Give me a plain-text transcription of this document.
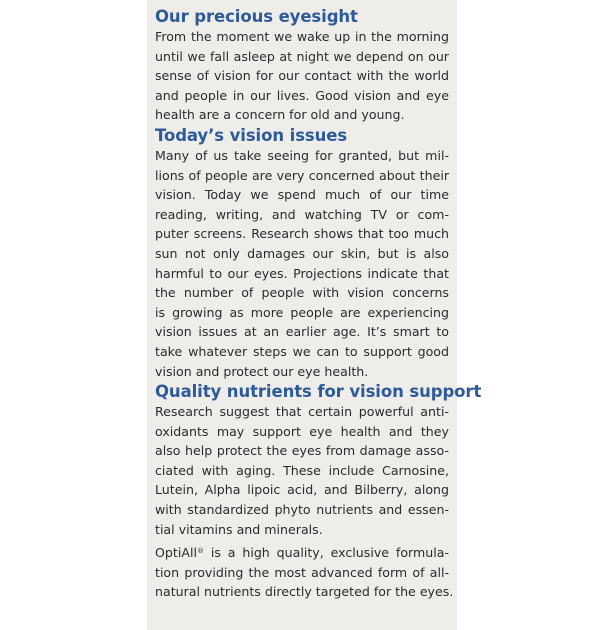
Our precious eyesight

From the moment we wake up in the morning
until we fall asleep at night we depend on our
sense of vision for our contact with the world
and people in our lives. Good vision and eye
health are a concern for old and young.

Today’s vision issues

Many of us take seeing for granted, but mil-
lions of people are very concerned about their
vision. Today we spend much of our time
reading, writing, and watching TV or com-
puter screens. Research shows that too much
sun not only damages our skin, but is also
harmful to our eyes. Projections indicate that
the number of people with vision concerns
is growing as more people are experiencing
vision issues at an earlier age. It’s smart to
take whatever steps we can to support good
vision and protect our eye health.

Quality nutrients for vision support

Research suggest that certain powerful anti-
oxidants may support eye health and they
also help protect the eyes from damage asso-
ciated with aging. These include Carnosine,
Lutein, Alpha lipoic acid, and Bilberry, along
with standardized phyto nutrients and essen-
tial vitamins and minerals.

OptiAll® is a high quality, exclusive formula-
tion providing the most advanced form of all-
natural nutrients directly targeted for the eyes.
